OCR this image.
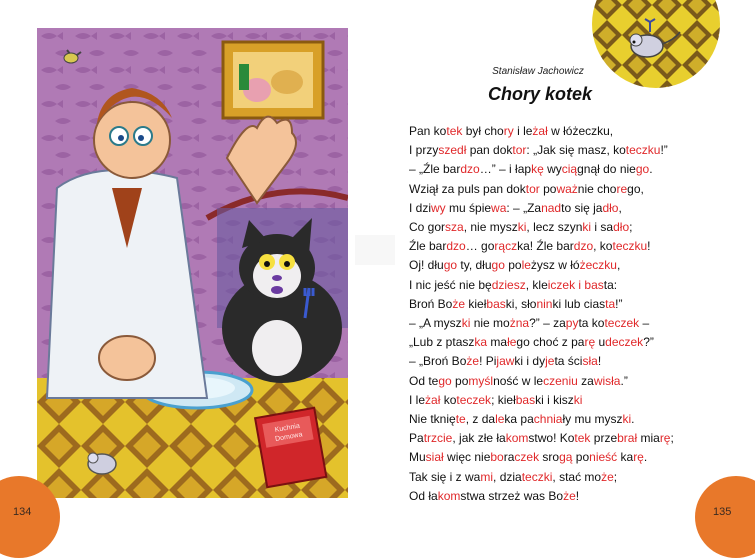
Kuchnia
Domowa
134	135
Stanisław Jachowicz
Chory kotek
Pan kotek był chory i leżał w łóżeczku,
I przyszedł pan doktor: „Jak się masz, koteczku!”
– „Źle bardzo…” – i łapkę wyciągnął do niego.
Wziął za puls pan doktor poważnie chorego,
I dziwy mu śpiewa: – „Zanadto się jadło,
Co gorsza, nie myszki, lecz szynki i sadło;
Źle bardzo… gorączka! Źle bardzo, koteczku!
Oj! długo ty, długo poleżysz w łóżeczku,
I nic jeść nie będziesz, kleiczek i basta:
Broń Boże kiełbaski, słoninki lub ciasta!”
– „A myszki nie można?” – zapyta koteczek –
„Lub z ptaszka małego choć z parę udeczek?”
– „Broń Boże! Pijawki i dyjeta ścisła!
Od tego pomyślność w leczeniu zawisła.”
I leżał koteczek; kiełbaski i kiszki
Nie tknięte, z daleka pachniały mu myszki.
Patrzcie, jak złe łakomstwo! Kotek przebrał miarę;
Musiał więc nieboraczek srogą ponieść karę.
Tak się i z wami, dziateczki, stać może;
Od łakomstwa strzeż was Boże!
